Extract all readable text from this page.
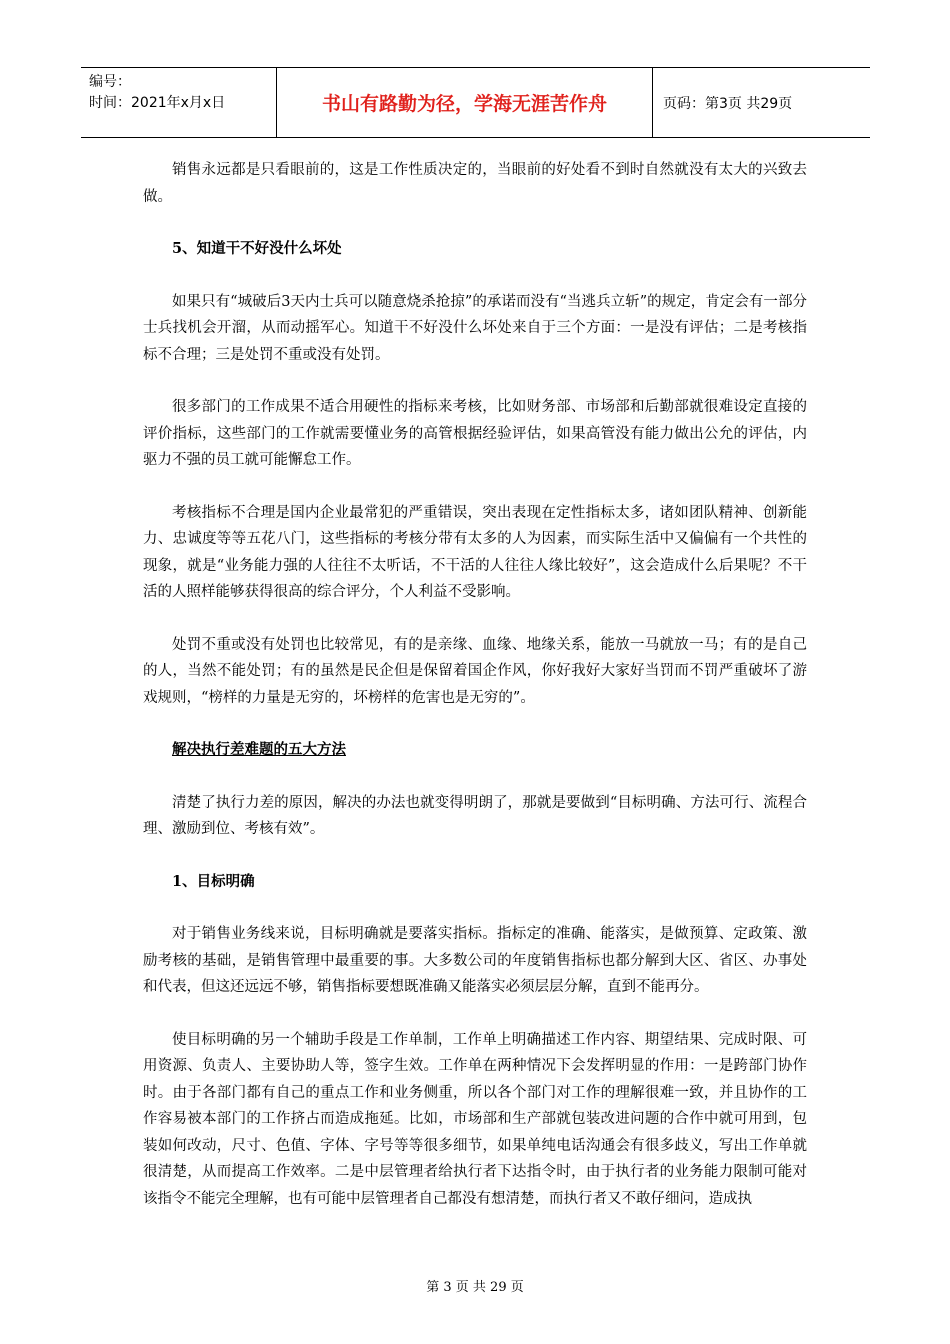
编号：
时间：2021年x月x日	书山有路勤为径，学海无涯苦作舟	页码：第3页 共29页

销售永远都是只看眼前的，这是工作性质决定的，当眼前的好处看不到时自然就没有太大的兴致去做。

5、知道干不好没什么坏处

如果只有“城破后3天内士兵可以随意烧杀抢掠”的承诺而没有“当逃兵立斩”的规定，肯定会有一部分士兵找机会开溜，从而动摇军心。知道干不好没什么坏处来自于三个方面：一是没有评估；二是考核指标不合理；三是处罚不重或没有处罚。

很多部门的工作成果不适合用硬性的指标来考核，比如财务部、市场部和后勤部就很难设定直接的评价指标，这些部门的工作就需要懂业务的高管根据经验评估，如果高管没有能力做出公允的评估，内驱力不强的员工就可能懈怠工作。

考核指标不合理是国内企业最常犯的严重错误，突出表现在定性指标太多，诸如团队精神、创新能力、忠诚度等等五花八门，这些指标的考核分带有太多的人为因素，而实际生活中又偏偏有一个共性的现象，就是“业务能力强的人往往不太听话，不干活的人往往人缘比较好”，这会造成什么后果呢？不干活的人照样能够获得很高的综合评分，个人利益不受影响。

处罚不重或没有处罚也比较常见，有的是亲缘、血缘、地缘关系，能放一马就放一马；有的是自己的人，当然不能处罚；有的虽然是民企但是保留着国企作风，你好我好大家好当罚而不罚严重破坏了游戏规则，“榜样的力量是无穷的，坏榜样的危害也是无穷的”。

解决执行差难题的五大方法

清楚了执行力差的原因，解决的办法也就变得明朗了，那就是要做到“目标明确、方法可行、流程合理、激励到位、考核有效”。

1、目标明确

对于销售业务线来说，目标明确就是要落实指标。指标定的准确、能落实，是做预算、定政策、激励考核的基础，是销售管理中最重要的事。大多数公司的年度销售指标也都分解到大区、省区、办事处和代表，但这还远远不够，销售指标要想既准确又能落实必须层层分解，直到不能再分。

使目标明确的另一个辅助手段是工作单制，工作单上明确描述工作内容、期望结果、完成时限、可用资源、负责人、主要协助人等，签字生效。工作单在两种情况下会发挥明显的作用：一是跨部门协作时。由于各部门都有自己的重点工作和业务侧重，所以各个部门对工作的理解很难一致，并且协作的工作容易被本部门的工作挤占而造成拖延。比如，市场部和生产部就包装改进问题的合作中就可用到，包装如何改动，尺寸、色值、字体、字号等等很多细节，如果单纯电话沟通会有很多歧义，写出工作单就很清楚，从而提高工作效率。二是中层管理者给执行者下达指令时，由于执行者的业务能力限制可能对该指令不能完全理解，也有可能中层管理者自己都没有想清楚，而执行者又不敢仔细问，造成执

第 3 页 共 29 页
